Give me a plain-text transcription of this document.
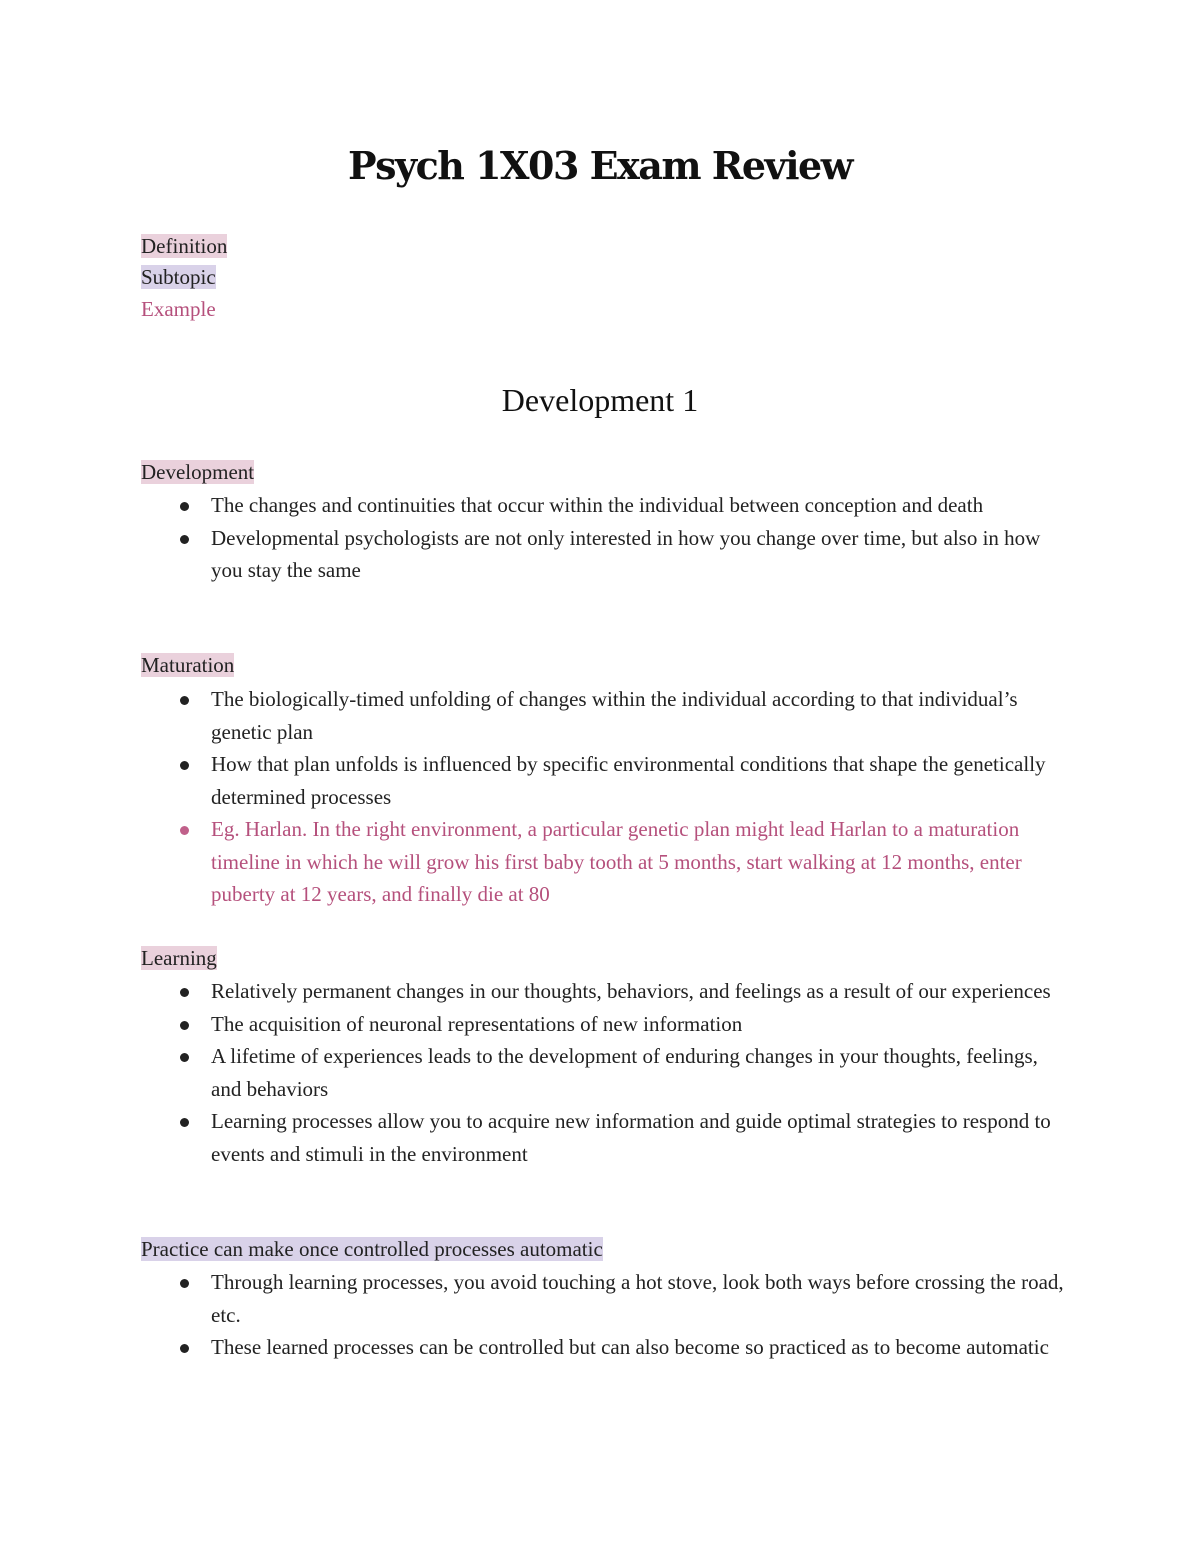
Psych 1X03 Exam Review
Definition
Subtopic
Example
Development 1
Development
The changes and continuities that occur within the individual between conception and death
Developmental psychologists are not only interested in how you change over time, but also in how you stay the same
Maturation
The biologically-timed unfolding of changes within the individual according to that individual’s genetic plan
How that plan unfolds is influenced by specific environmental conditions that shape the genetically determined processes
Eg. Harlan. In the right environment, a particular genetic plan might lead Harlan to a maturation timeline in which he will grow his first baby tooth at 5 months, start walking at 12 months, enter puberty at 12 years, and finally die at 80
Learning
Relatively permanent changes in our thoughts, behaviors, and feelings as a result of our experiences
The acquisition of neuronal representations of new information
A lifetime of experiences leads to the development of enduring changes in your thoughts, feelings, and behaviors
Learning processes allow you to acquire new information and guide optimal strategies to respond to events and stimuli in the environment
Practice can make once controlled processes automatic
Through learning processes, you avoid touching a hot stove, look both ways before crossing the road, etc.
These learned processes can be controlled but can also become so practiced as to become automatic
